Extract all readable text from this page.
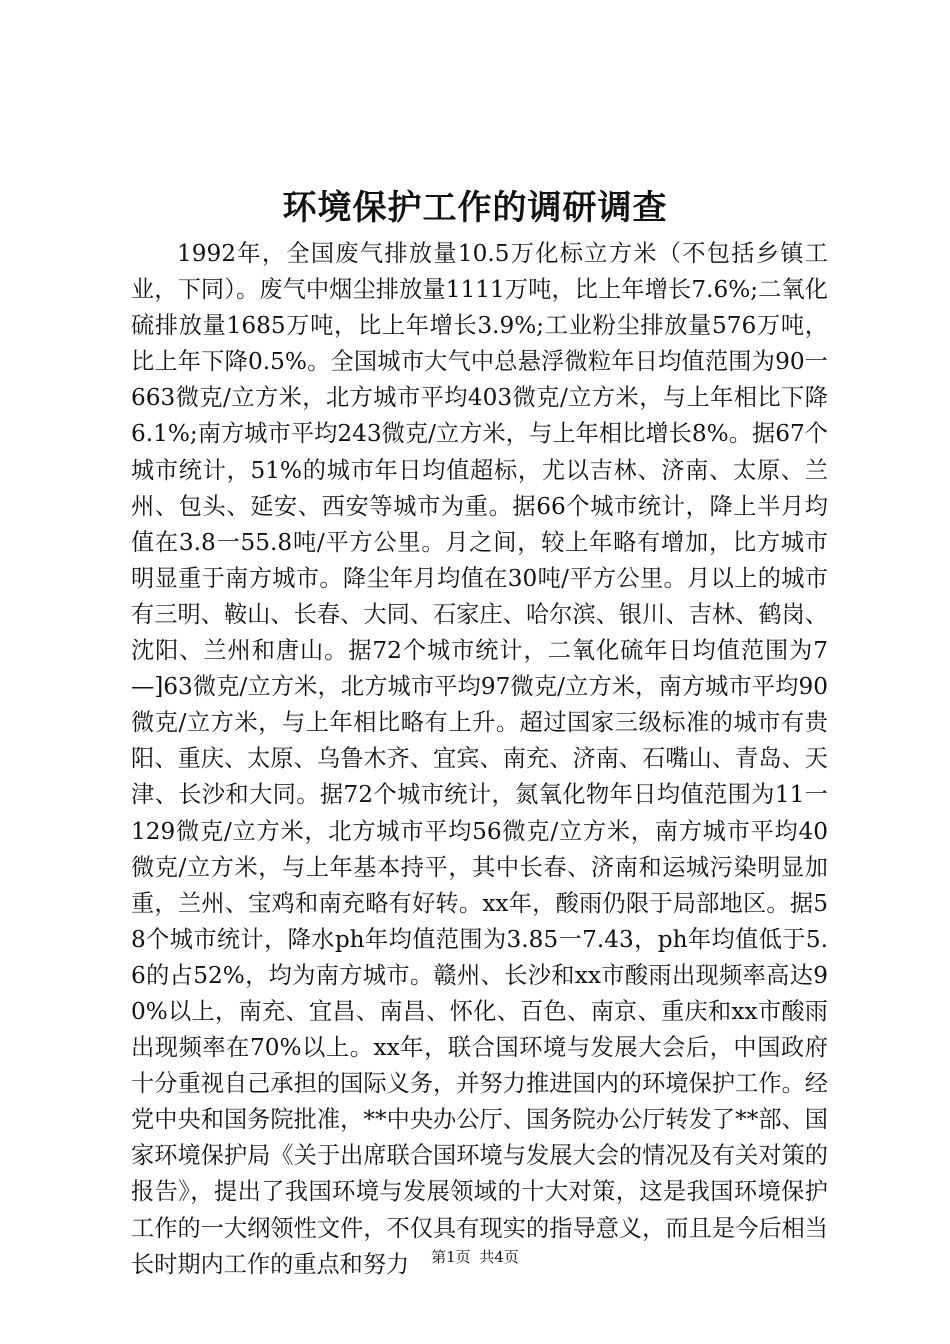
环境保护工作的调研调查

1992年，全国废气排放量10.5万化标立方米（不包括乡镇工业，下同）。废气中烟尘排放量1111万吨，比上年增长7.6%;二氧化硫排放量1685万吨，比上年增长3.9%;工业粉尘排放量576万吨，比上年下降0.5%。全国城市大气中总悬浮微粒年日均值范围为90一663微克/立方米，北方城市平均403微克/立方米，与上年相比下降6.1%;南方城市平均243微克/立方米，与上年相比增长8%。据67个城市统计，51%的城市年日均值超标，尤以吉林、济南、太原、兰州、包头、延安、西安等城市为重。据66个城市统计，降上半月均值在3.8一55.8吨/平方公里。月之间，较上年略有增加，比方城市明显重于南方城市。降尘年月均值在30吨/平方公里。月以上的城市有三明、鞍山、长春、大同、石家庄、哈尔滨、银川、吉林、鹤岗、沈阳、兰州和唐山。据72个城市统计，二氧化硫年日均值范围为7—]63微克/立方米，北方城市平均97微克/立方米，南方城市平均90微克/立方米，与上年相比略有上升。超过国家三级标准的城市有贵阳、重庆、太原、乌鲁木齐、宜宾、南充、济南、石嘴山、青岛、天津、长沙和大同。据72个城市统计，氮氧化物年日均值范围为11一129微克/立方米，北方城市平均56微克/立方米，南方城市平均40微克/立方米，与上年基本持平，其中长春、济南和运城污染明显加重，兰州、宝鸡和南充略有好转。xx年，酸雨仍限于局部地区。据58个城市统计，降水ph年均值范围为3.85一7.43，ph年均值低于5.6的占52%，均为南方城市。赣州、长沙和xx市酸雨出现频率高达90%以上，南充、宜昌、南昌、怀化、百色、南京、重庆和xx市酸雨出现频率在70%以上。xx年，联合国环境与发展大会后，中国政府十分重视自己承担的国际义务，并努力推进国内的环境保护工作。经党中央和国务院批准，**中央办公厅、国务院办公厅转发了**部、国家环境保护局《关于出席联合国环境与发展大会的情况及有关对策的报告》，提出了我国环境与发展领域的十大对策，这是我国环境保护工作的一大纲领性文件，不仅具有现实的指导意义，而且是今后相当长时期内工作的重点和努力	第1页 共4页
